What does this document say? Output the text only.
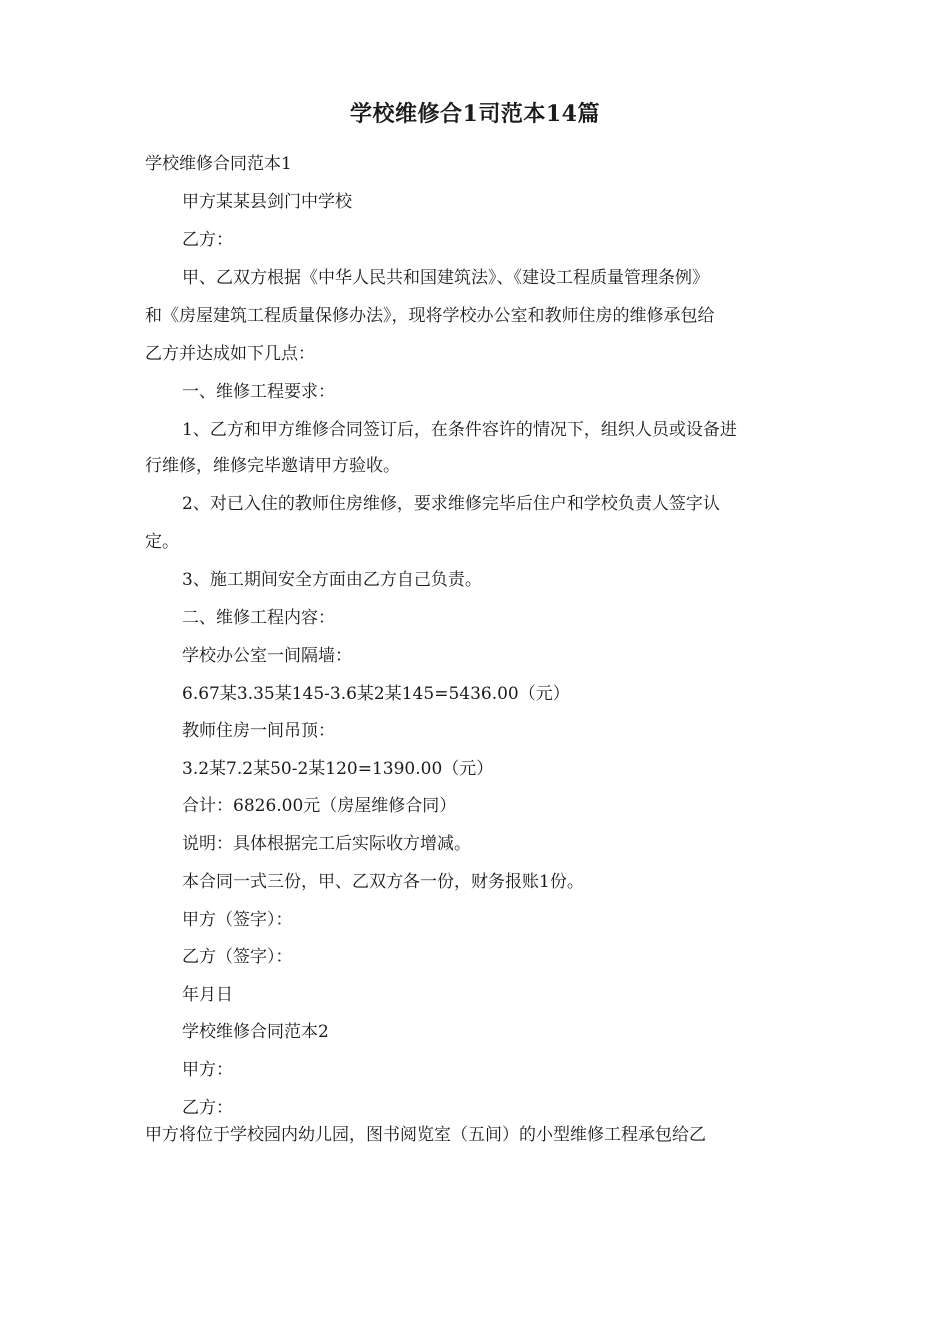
学校维修合1司范本14篇
学校维修合同范本1
甲方某某县剑门中学校
乙方：
甲、乙双方根据《中华人民共和国建筑法》、《建设工程质量管理条例》
和《房屋建筑工程质量保修办法》，现将学校办公室和教师住房的维修承包给
乙方并达成如下几点：
一、维修工程要求：
1、乙方和甲方维修合同签订后，在条件容许的情况下，组织人员或设备进
行维修，维修完毕邀请甲方验收。
2、对已入住的教师住房维修，要求维修完毕后住户和学校负责人签字认
定。
3、施工期间安全方面由乙方自己负责。
二、维修工程内容：
学校办公室一间隔墙：
6.67某3.35某145-3.6某2某145=5436.00（元）
教师住房一间吊顶：
3.2某7.2某50-2某120=1390.00（元）
合计：6826.00元（房屋维修合同）
说明：具体根据完工后实际收方增减。
本合同一式三份，甲、乙双方各一份，财务报账1份。
甲方（签字）：
乙方（签字）：
年月日
学校维修合同范本2
甲方：
乙方：
甲方将位于学校园内幼儿园，图书阅览室（五间）的小型维修工程承包给乙
